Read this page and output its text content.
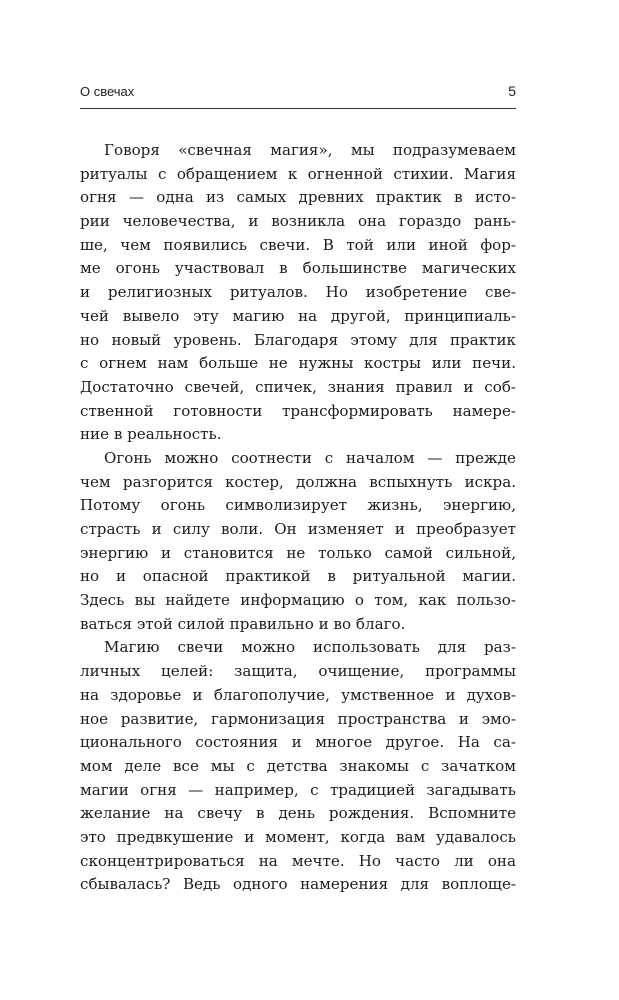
О свечах	5
Говоря «свечная магия», мы подразумеваем
ритуалы с обращением к огненной стихии. Магия
огня — одна из самых древних практик в исто-
рии человечества, и возникла она гораздо рань-
ше, чем появились свечи. В той или иной фор-
ме огонь участвовал в большинстве магических
и религиозных ритуалов. Но изобретение све-
чей вывело эту магию на другой, принципиаль-
но новый уровень. Благодаря этому для практик
с огнем нам больше не нужны костры или печи.
Достаточно свечей, спичек, знания правил и соб-
ственной готовности трансформировать намере-
ние в реальность.
Огонь можно соотнести с началом — прежде
чем разгорится костер, должна вспыхнуть искра.
Потому огонь символизирует жизнь, энергию,
страсть и силу воли. Он изменяет и преобразует
энергию и становится не только самой сильной,
но и опасной практикой в ритуальной магии.
Здесь вы найдете информацию о том, как пользо-
ваться этой силой правильно и во благо.
Магию свечи можно использовать для раз-
личных целей: защита, очищение, программы
на здоровье и благополучие, умственное и духов-
ное развитие, гармонизация пространства и эмо-
ционального состояния и многое другое. На са-
мом деле все мы с детства знакомы с зачатком
магии огня — например, с традицией загадывать
желание на свечу в день рождения. Вспомните
это предвкушение и момент, когда вам удавалось
сконцентрироваться на мечте. Но часто ли она
сбывалась? Ведь одного намерения для воплоще-
